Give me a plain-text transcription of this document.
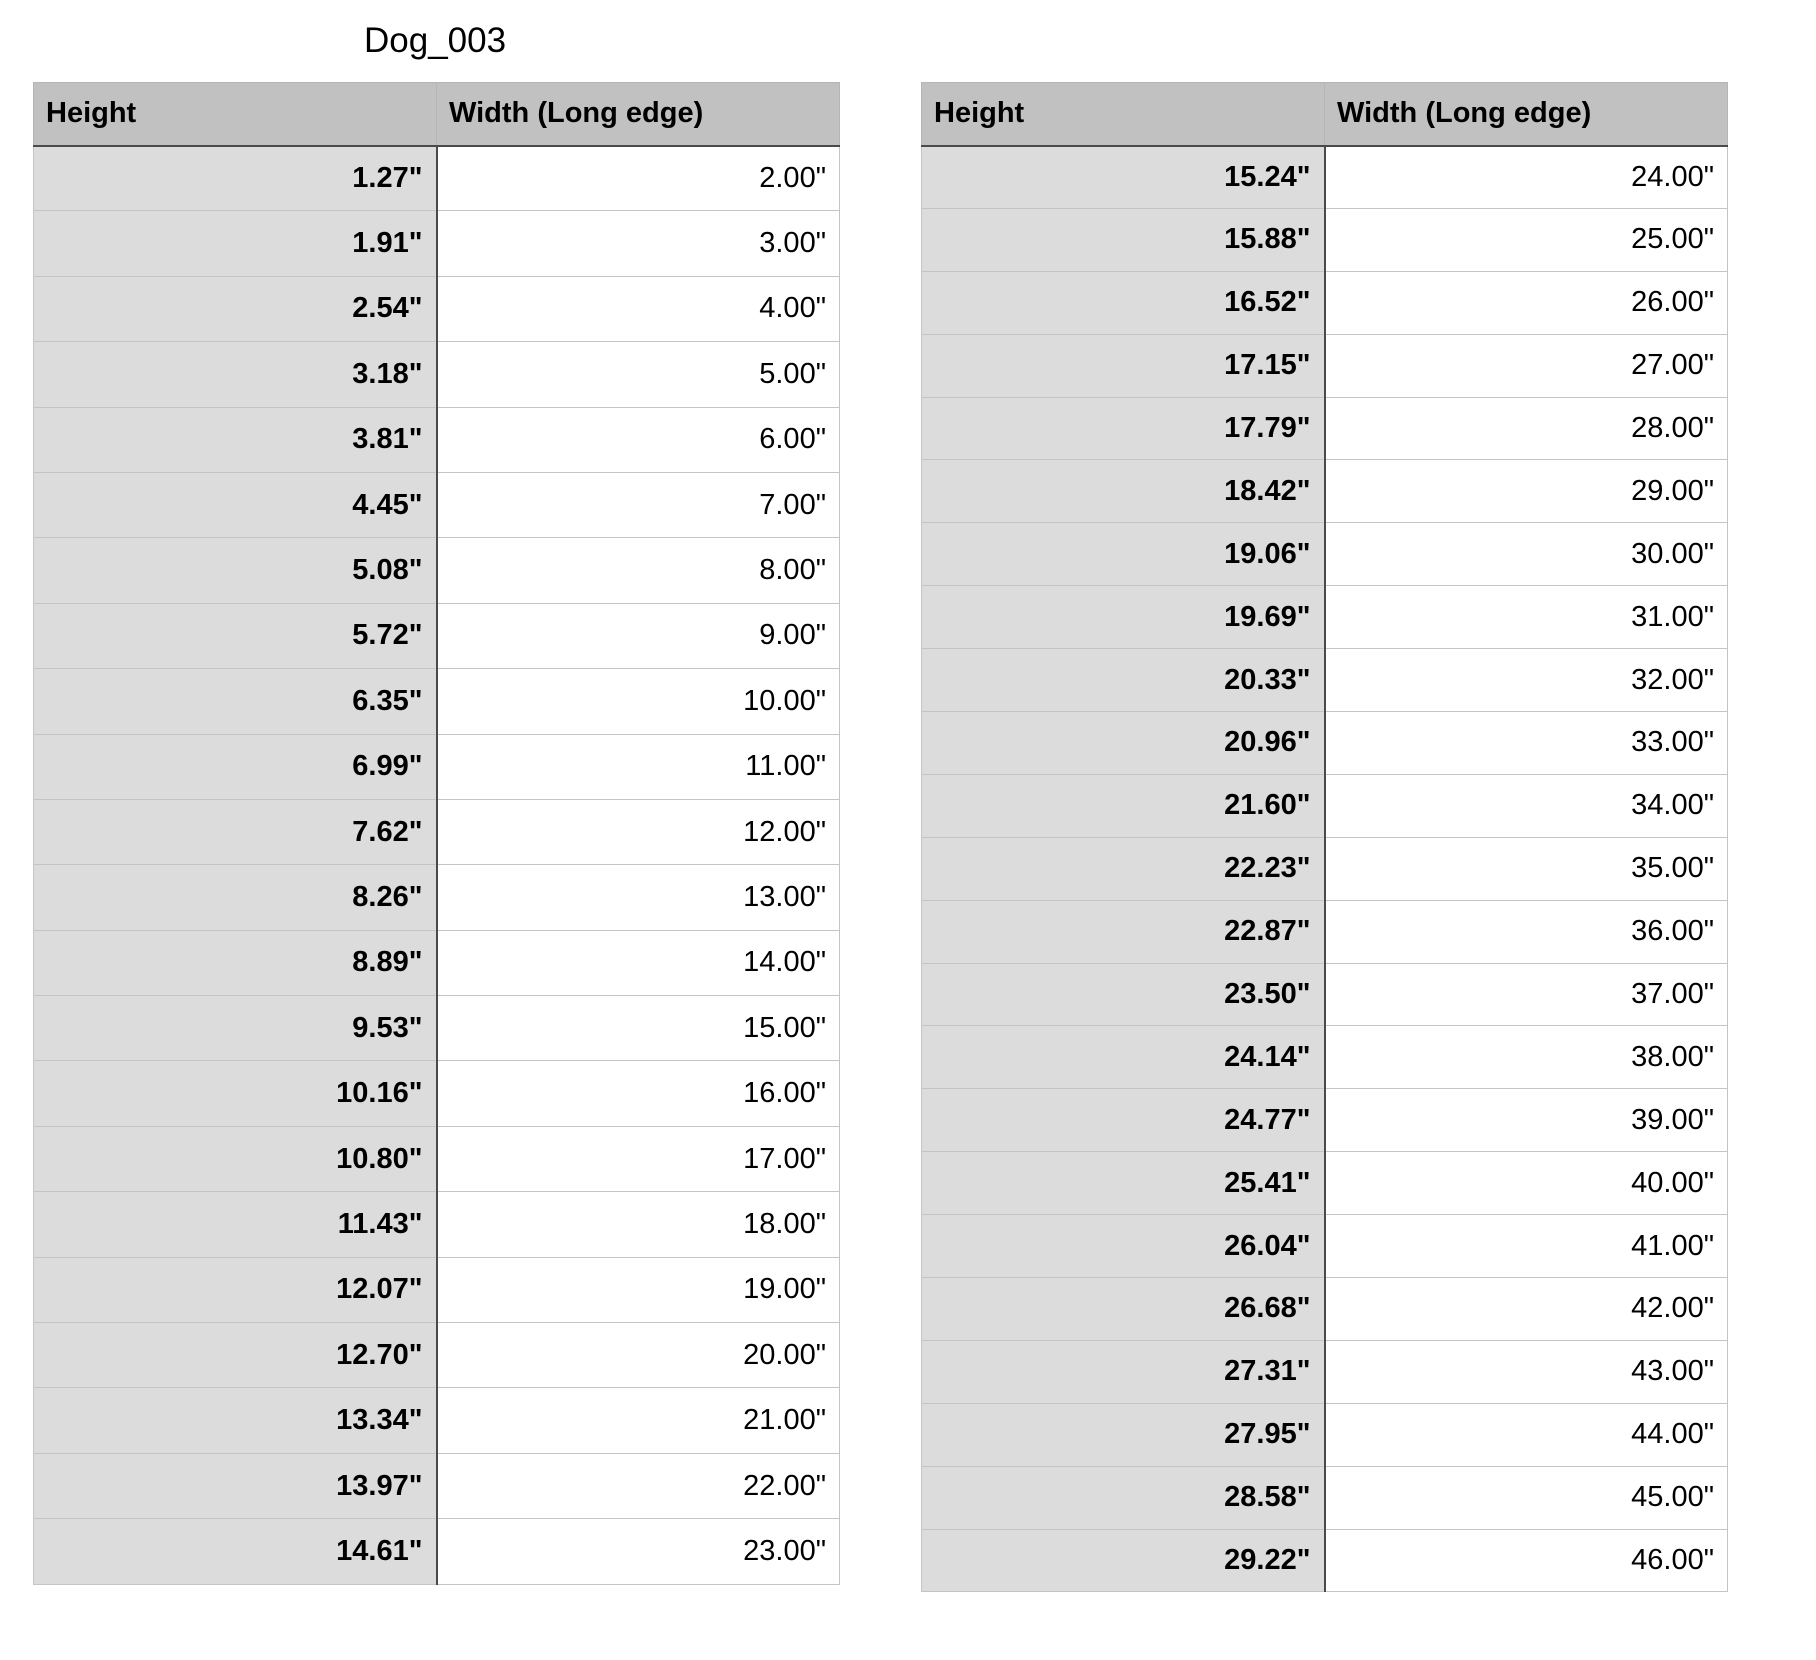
Dog_003
Height	Width (Long edge)
1.27"	2.00"
1.91"	3.00"
2.54"	4.00"
3.18"	5.00"
3.81"	6.00"
4.45"	7.00"
5.08"	8.00"
5.72"	9.00"
6.35"	10.00"
6.99"	11.00"
7.62"	12.00"
8.26"	13.00"
8.89"	14.00"
9.53"	15.00"
10.16"	16.00"
10.80"	17.00"
11.43"	18.00"
12.07"	19.00"
12.70"	20.00"
13.34"	21.00"
13.97"	22.00"
14.61"	23.00"
Height	Width (Long edge)
15.24"	24.00"
15.88"	25.00"
16.52"	26.00"
17.15"	27.00"
17.79"	28.00"
18.42"	29.00"
19.06"	30.00"
19.69"	31.00"
20.33"	32.00"
20.96"	33.00"
21.60"	34.00"
22.23"	35.00"
22.87"	36.00"
23.50"	37.00"
24.14"	38.00"
24.77"	39.00"
25.41"	40.00"
26.04"	41.00"
26.68"	42.00"
27.31"	43.00"
27.95"	44.00"
28.58"	45.00"
29.22"	46.00"
